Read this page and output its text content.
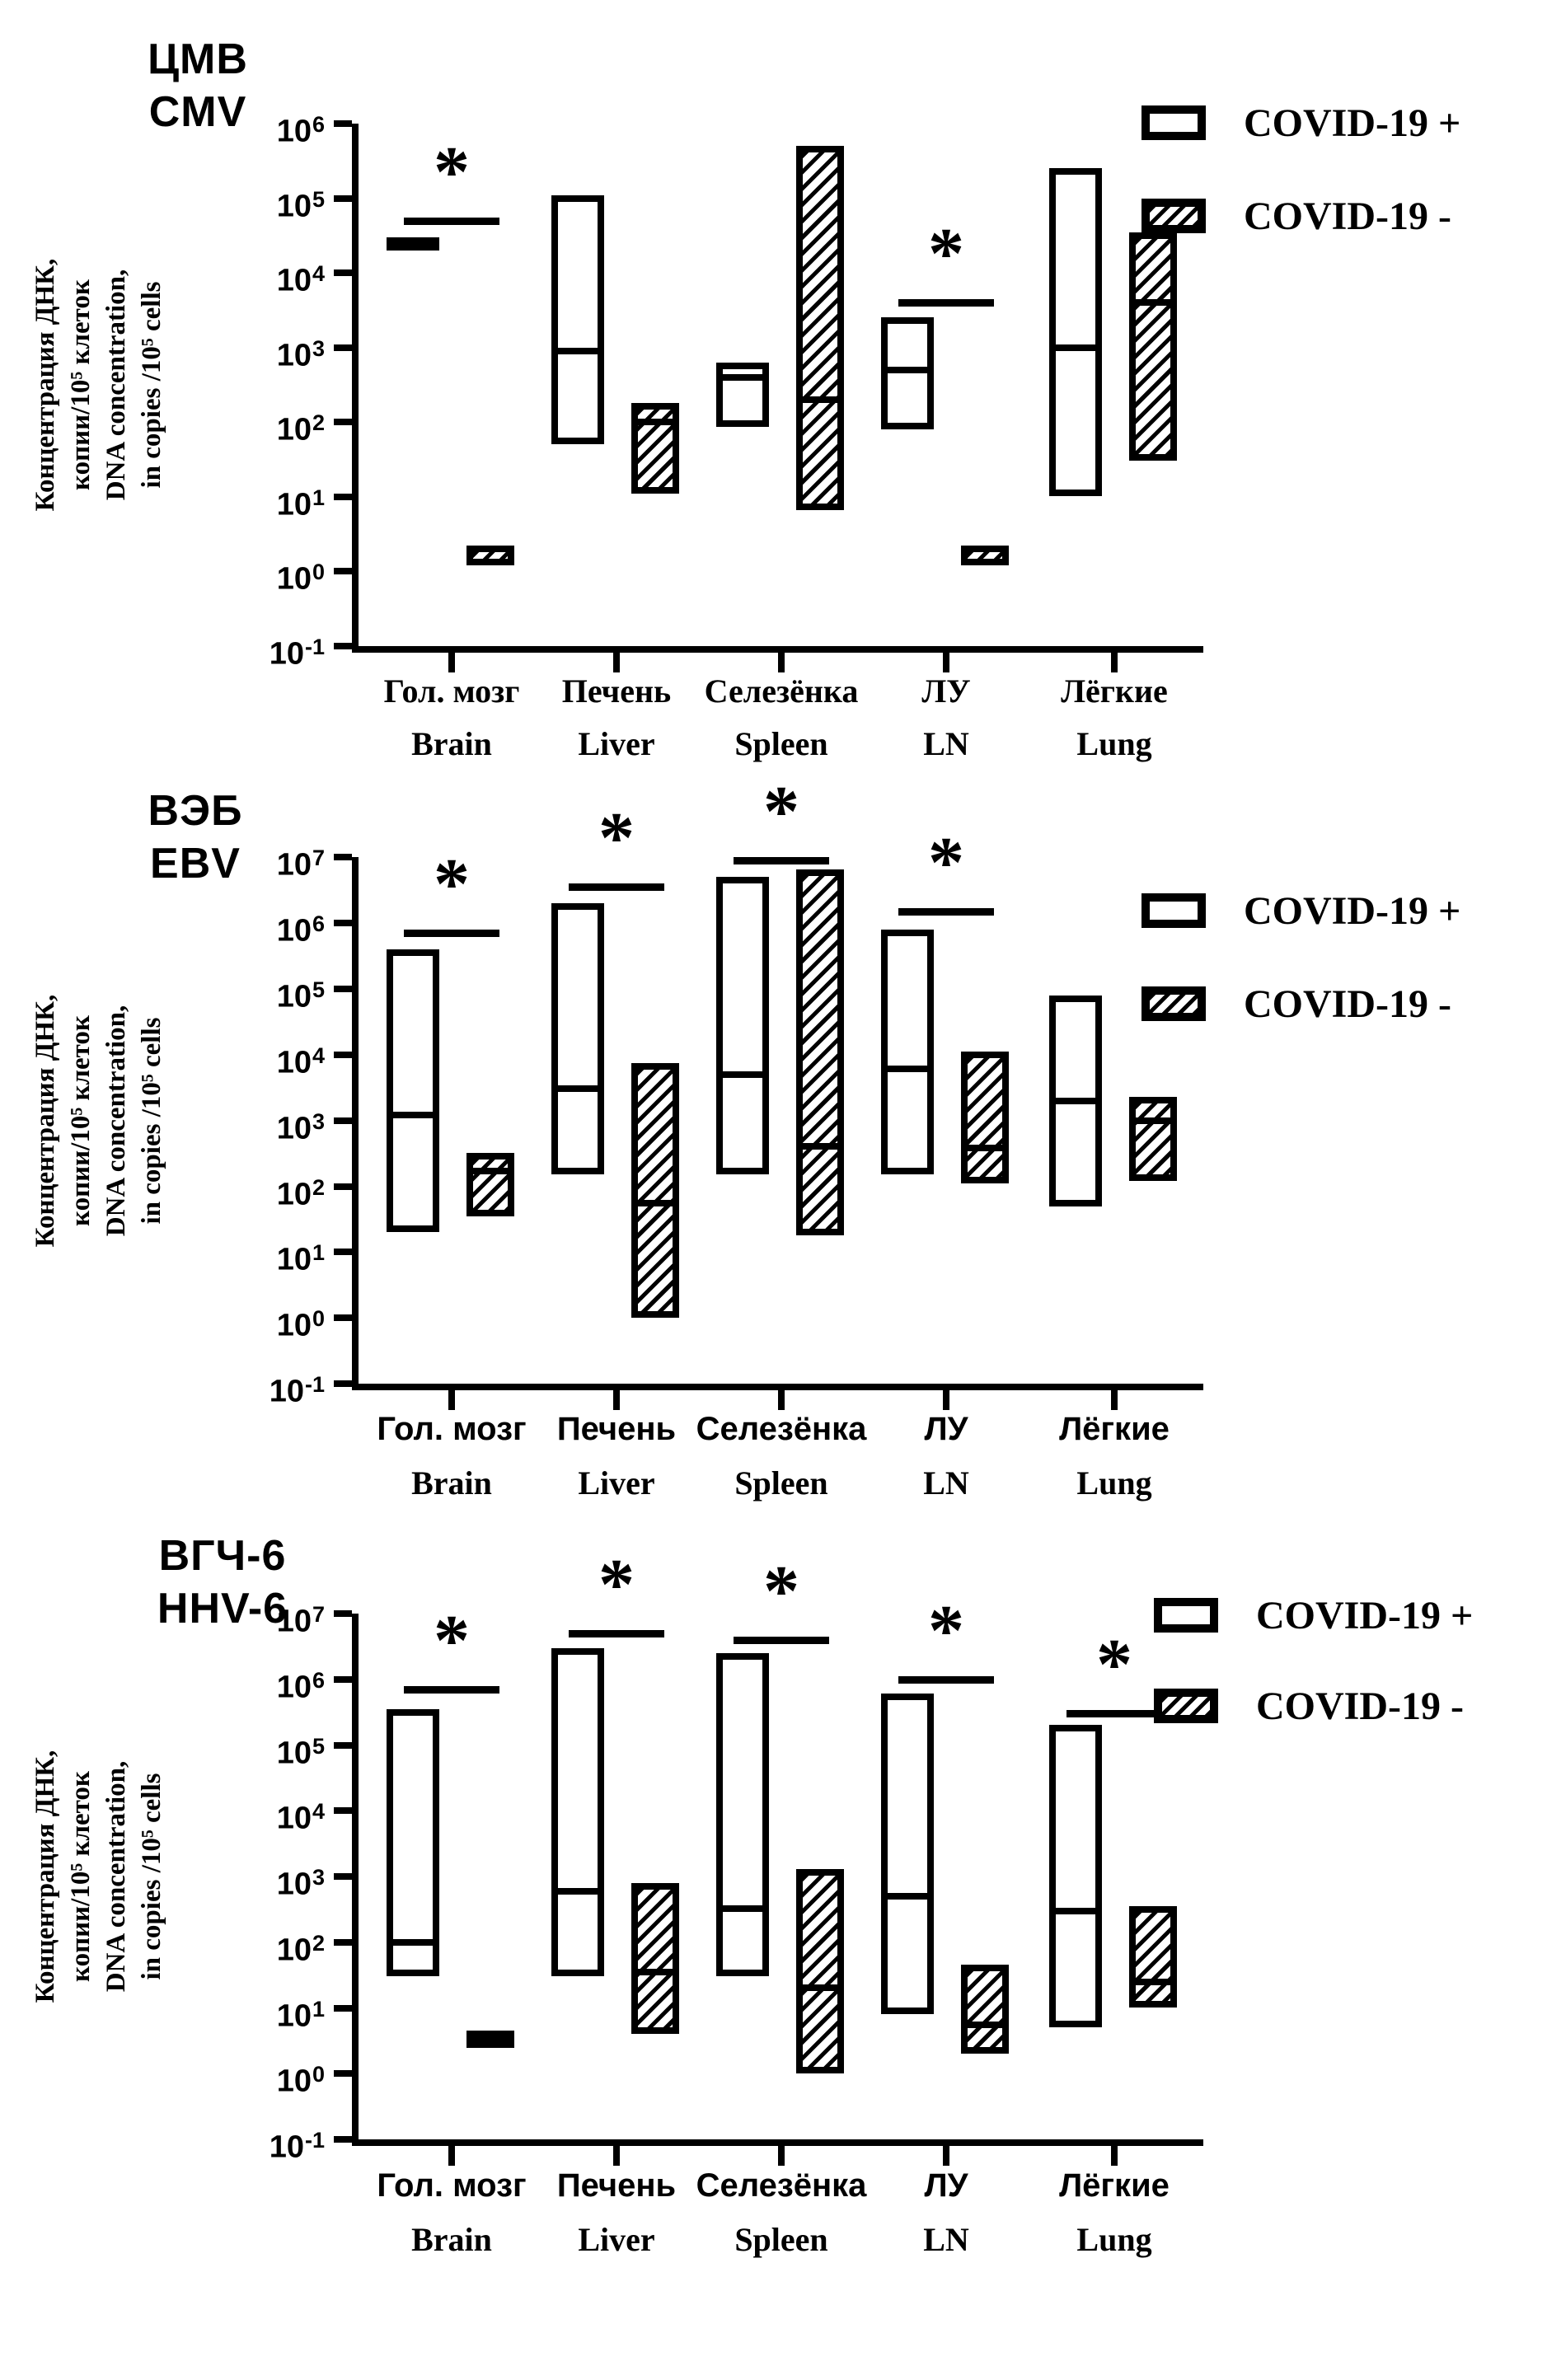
ЦМВ
CMV
Концентрация ДНК, копии/10⁵ клеток DNA concentration, in copies /10⁵ cells
COVID-19 +
COVID-19 -
$10^6$
$10^5$
$10^4$
$10^3$
$10^2$
$10^1$
$10^0$
$10^{-1}$
Гол. мозг
Brain
Печень
Liver
Селезёнка
Spleen
ЛУ
LN
Лёгкие
Lung
*
*
ВЭБ
EBV
Концентрация ДНК, копии/10⁵ клеток DNA concentration, in copies /10⁵ cells
COVID-19 +
COVID-19 -
$10^7$
$10^6$
$10^5$
$10^4$
$10^3$
$10^2$
$10^1$
$10^0$
$10^{-1}$
Гол. мозг
Brain
Печень
Liver
Селезёнка
Spleen
ЛУ
LN
Лёгкие
Lung
*
* *
*
ВГЧ-6
HHV-6
Концентрация ДНК, копии/10⁵ клеток DNA concentration, in copies /10⁵ cells
COVID-19 +
COVID-19 -
$10^7$
$10^6$
$10^5$
$10^4$
$10^3$
$10^2$
$10^1$
$10^0$
$10^{-1}$
Гол. мозг
Brain
Печень
Liver
Селезёнка
Spleen
ЛУ
LN
Лёгкие
Lung
*
* * * *
